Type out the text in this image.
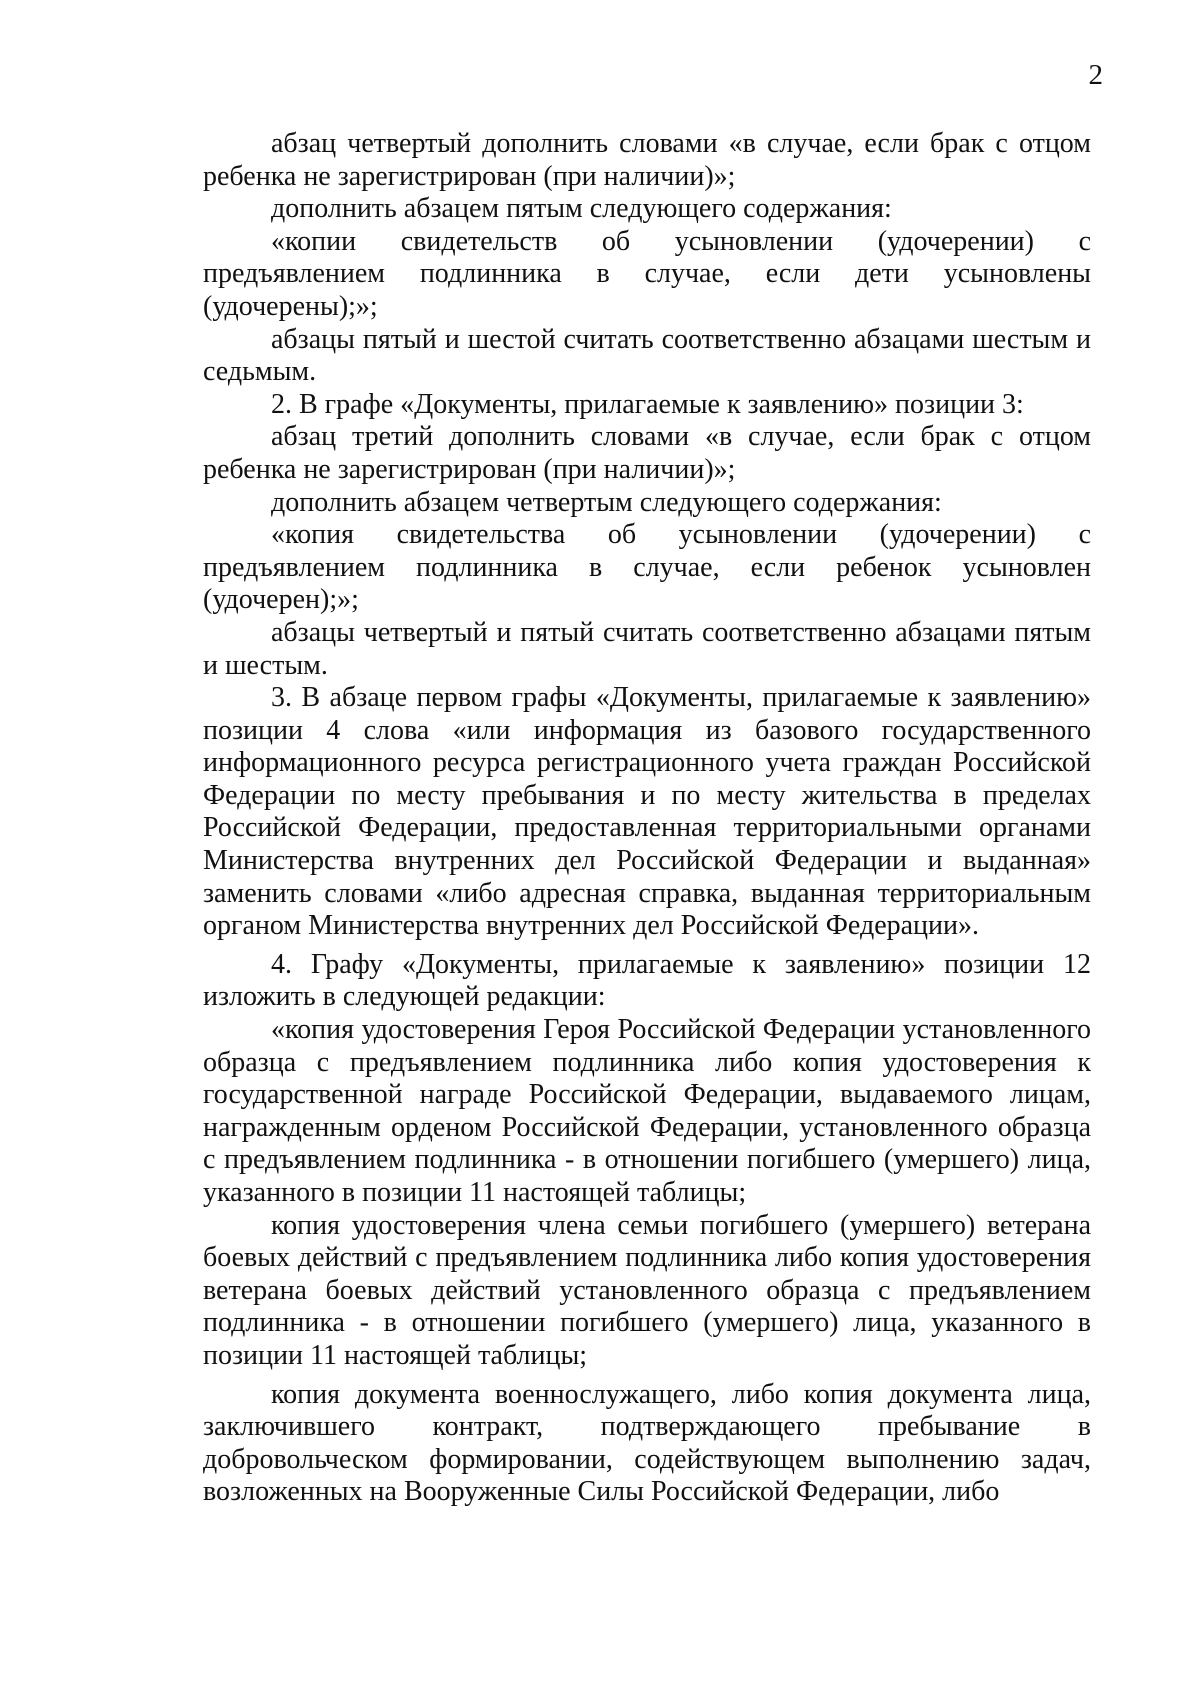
2

абзац четвертый дополнить словами «в случае, если брак с отцом ребенка не зарегистрирован (при наличии)»;

дополнить абзацем пятым следующего содержания:

«копии свидетельств об усыновлении (удочерении) с предъявлением подлинника в случае, если дети усыновлены (удочерены);»;

абзацы пятый и шестой считать соответственно абзацами шестым и седьмым.

2. В графе «Документы, прилагаемые к заявлению» позиции 3:

абзац третий дополнить словами «в случае, если брак с отцом ребенка не зарегистрирован (при наличии)»;

дополнить абзацем четвертым следующего содержания:

«копия свидетельства об усыновлении (удочерении) с предъявлением подлинника в случае, если ребенок усыновлен (удочерен);»;

абзацы четвертый и пятый считать соответственно абзацами пятым и шестым.

3. В абзаце первом графы «Документы, прилагаемые к заявлению» позиции 4 слова «или информация из базового государственного информационного ресурса регистрационного учета граждан Российской Федерации по месту пребывания и по месту жительства в пределах Российской Федерации, предоставленная территориальными органами Министерства внутренних дел Российской Федерации и выданная» заменить словами «либо адресная справка, выданная территориальным органом Министерства внутренних дел Российской Федерации».

4. Графу «Документы, прилагаемые к заявлению» позиции 12 изложить в следующей редакции:

«копия удостоверения Героя Российской Федерации установленного образца с предъявлением подлинника либо копия удостоверения к государственной награде Российской Федерации, выдаваемого лицам, награжденным орденом Российской Федерации, установленного образца с предъявлением подлинника - в отношении погибшего (умершего) лица, указанного в позиции 11 настоящей таблицы;

копия удостоверения члена семьи погибшего (умершего) ветерана боевых действий с предъявлением подлинника либо копия удостоверения ветерана боевых действий установленного образца с предъявлением подлинника - в отношении погибшего (умершего) лица, указанного в позиции 11 настоящей таблицы;

копия документа военнослужащего, либо копия документа лица, заключившего контракт, подтверждающего пребывание в добровольческом формировании, содействующем выполнению задач, возложенных на Вооруженные Силы Российской Федерации, либо
